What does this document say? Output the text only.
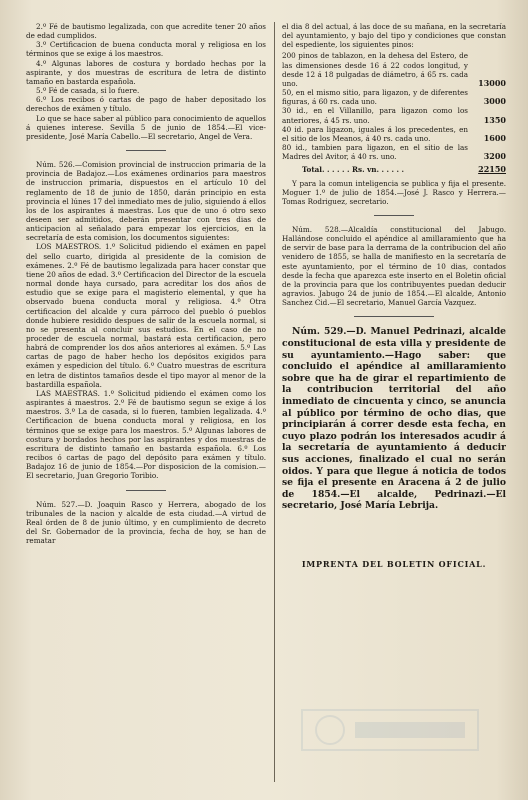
2.º Fé de bautismo legalizada, con que acredite tener 20 años de edad cumplidos.

3.º Certificacion de buena conducta moral y religiosa en los términos que se exige á los maestros.

4.º Algunas labores de costura y bordado hechas por la aspirante, y dos muestras de escritura de letra de distinto tamaño en bastarda española.

5.º Fé de casada, si lo fuere.

6.º Los recibos ó cartas de pago de haber depositado los derechos de exámen y título.

Lo que se hace saber al público para conocimiento de aquellos á quienes interese. Sevilla 5 de junio de 1854.—El vice-presidente, José María Cabello.—El secretario, Angel de Vera.

Núm. 526.—Comision provincial de instruccion primaria de la provincia de Badajoz.—Los exámenes ordinarios para maestros de instruccion primaria, dispuestos en el artículo 10 del reglamento de 18 de junio de 1850, darán principio en esta provincia el lúnes 17 del inmediato mes de julio, siguiendo á ellos los de los aspirantes á maestras. Los que de uno ó otro sexo deseen ser admitidos, deberán presentar con tres dias de anticipacion al señalado para empezar los ejercicios, en la secretaría de esta comision, los documentos siguientes:

LOS MAESTROS. 1.º Solicitud pidiendo el exámen en papel del sello cuarto, dirigida al presidente de la comision de exámenes. 2.º Fé de bautismo legalizada para hacer constar que tiene 20 años de edad. 3.º Certificacion del Director de la escuela normal donde haya cursado, para acreditar los dos años de estudio que se exige para el magisterio elemental, y que ha observado buena conducta moral y religiosa. 4.º Otra certificacion del alcalde y cura párroco del pueblo ó pueblos donde hubiere residido despues de salir de la escuela normal, si no se presenta al concluir sus estudios. En el caso de no proceder de escuela normal, bastará esta certificacion, pero habrá de comprender los dos años anteriores al exámen. 5.º Las cartas de pago de haber hecho los depósitos exigidos para exámen y espedicion del título. 6.º Cuatro muestras de escritura en letra de distintos tamaños desde el tipo mayor al menor de la bastardilla española.

LAS MAESTRAS. 1.º Solicitud pidiendo el exámen como los aspirantes á maestros. 2.º Fé de bautismo segun se exige á los maestros. 3.º La de casada, si lo fueren, tambien legalizada. 4.º Certificacion de buena conducta moral y religiosa, en los términos que se exige para los maestros. 5.º Algunas labores de costura y bordados hechos por las aspirantes y dos muestras de escritura de distinto tamaño en bastarda española. 6.º Los recibos ó cartas de pago del depósito para exámen y título. Badajoz 16 de junio de 1854.—Por disposicion de la comision.—El secretario, Juan Gregorio Toribio.

Núm. 527.—D. Joaquin Rasco y Herrera, abogado de los tribunales de la nacion y alcalde de esta ciudad.—A virtud de Real órden de 8 de junio último, y en cumplimiento de decreto del Sr. Gobernador de la provincia, fecha de hoy, se han de rematar

el dia 8 del actual, á las doce de su mañana, en la secretaría del ayuntamiento, y bajo del tipo y condiciones que constan del espediente, los siguientes pinos:

200 pinos de tablazon, en la dehesa del Estero, de las dimensiones desde 16 á 22 codos longitud, y desde 12 á 18 pulgadas de diámetro, á 65 rs. cada uno.	13000
50, en el mismo sitio, para ligazon, y de diferentes figuras, á 60 rs. cada uno.	3000
30 id., en el Villanillo, para ligazon como los anteriores, á 45 rs. uno.	1350
40 id. para ligazon, iguales á los precedentes, en el sitio de los Meanos, á 40 rs. cada uno.	1600
80 id., tambien para ligazon, en el sitio de las Madres del Avitor, á 40 rs. uno.	3200
Total. . . . . . Rs. vn. . . . . .	22150

Y para la comun inteligencia se publica y fija el presente. Moguer 1.º de julio de 1854.—José J. Rasco y Herrera.—Tomas Rodriguez, secretario.

Núm. 528.—Alcaldía constitucional del Jabugo. Hallándose concluido el apéndice al amillaramiento que ha de servir de base para la derrama de la contribucion del año venidero de 1855, se halla de manifiesto en la secretaría de este ayuntamiento, por el término de 10 dias, contados desde la fecha que aparezca este inserto en el Boletin oficial de la provincia para que los contribuyentes puedan deducir agravios. Jabugo 24 de junio de 1854.—El alcalde, Antonio Sanchez Cid.—El secretario, Manuel García Vazquez.

Núm. 529.—D. Manuel Pedrinazi, alcalde constitucional de esta villa y presidente de su ayuntamiento.—Hago saber: que concluido el apéndice al amillaramiento sobre que ha de girar el repartimiento de la contribucion territorial del año inmediato de cincuenta y cinco, se anuncia al público por término de ocho dias, que principiarán á correr desde esta fecha, en cuyo plazo podrán los interesados acudir á la secretaría de ayuntamiento á deducir sus acciones, finalizado el cual no serán oidos. Y para que llegue á noticia de todos se fija el presente en Aracena á 2 de julio de 1854.—El alcalde, Pedrinazi.—El secretario, José María Lebrija.

IMPRENTA DEL BOLETIN OFICIAL.
